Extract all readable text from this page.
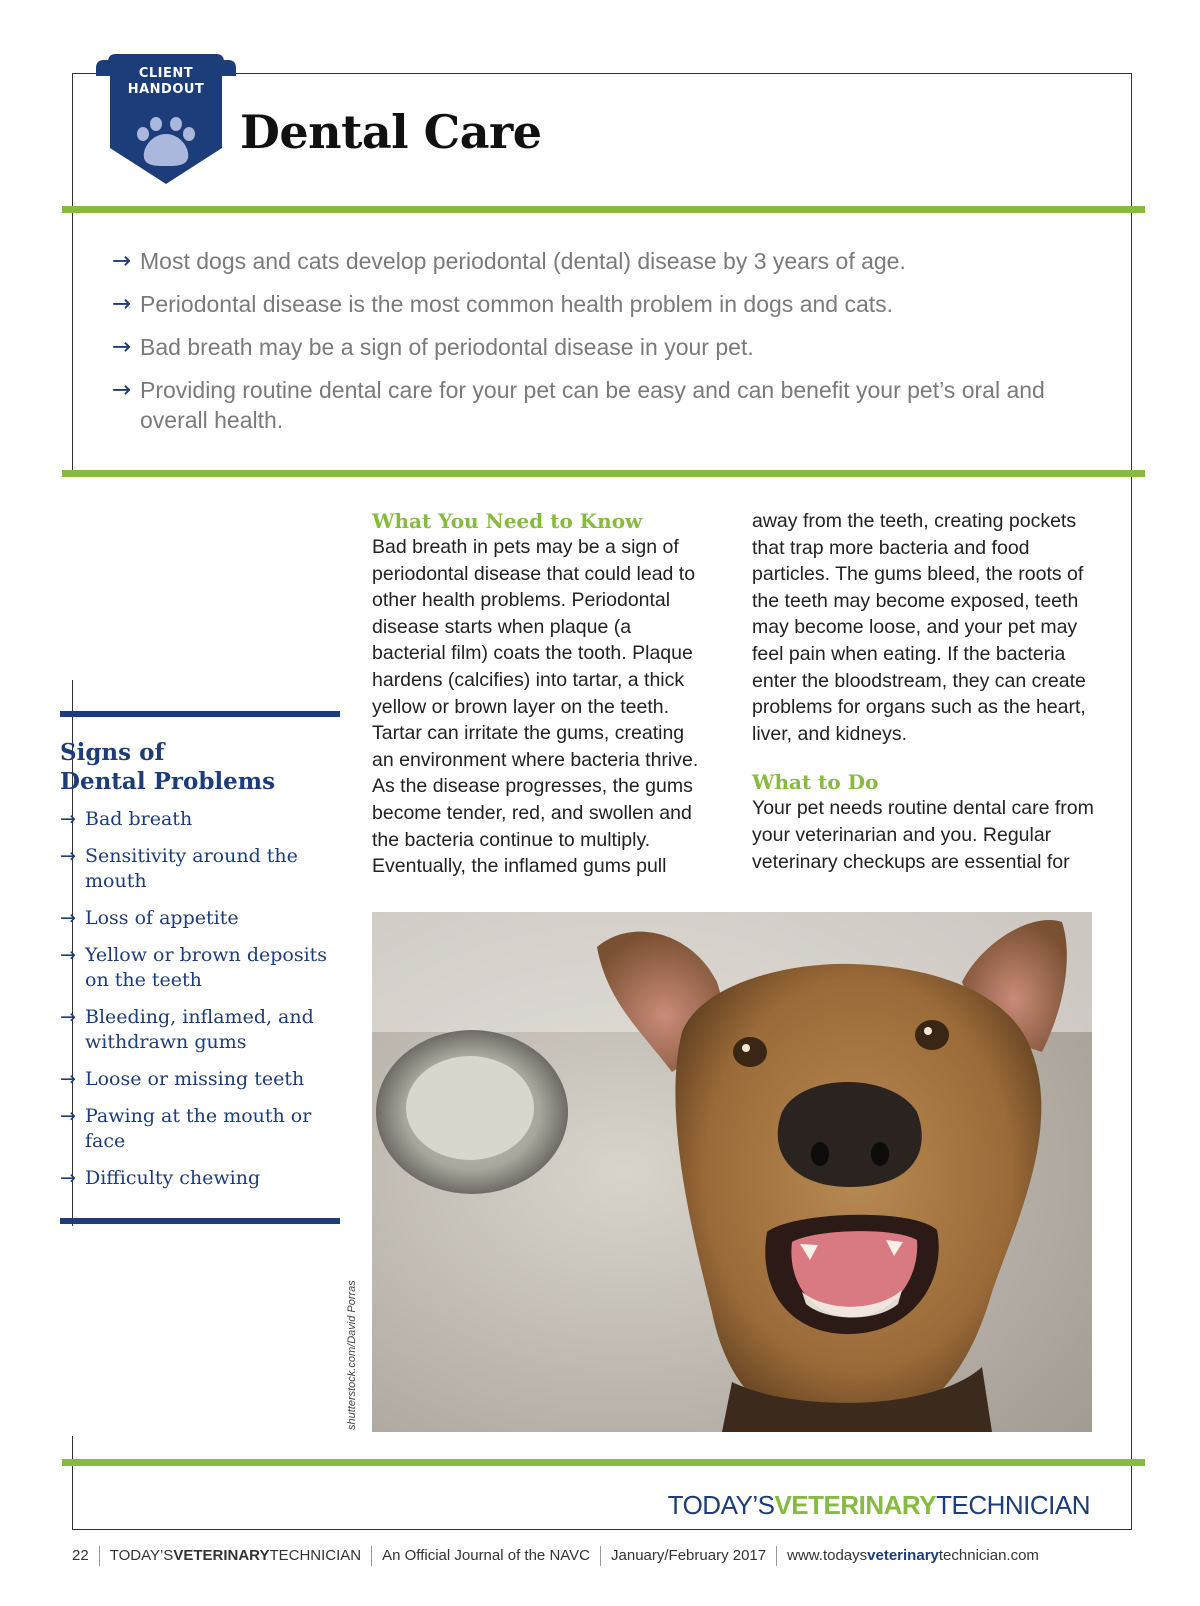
CLIENT
HANDOUT
Dental Care
→ Most dogs and cats develop periodontal (dental) disease by 3 years of age.
→ Periodontal disease is the most common health problem in dogs and cats.
→ Bad breath may be a sign of periodontal disease in your pet.
→ Providing routine dental care for your pet can be easy and can benefit your pet’s oral and overall health.
Signs of
Dental Problems
→ Bad breath
→ Sensitivity around the mouth
→ Loss of appetite
→ Yellow or brown deposits on the teeth
→ Bleeding, inflamed, and withdrawn gums
→ Loose or missing teeth
→ Pawing at the mouth or face
→ Difficulty chewing
What You Need to Know

Bad breath in pets may be a sign of periodontal disease that could lead to other health problems. Periodontal disease starts when plaque (a bacterial film) coats the tooth. Plaque hardens (calcifies) into tartar, a thick yellow or brown layer on the teeth. Tartar can irritate the gums, creating an environment where bacteria thrive. As the disease progresses, the gums become tender, red, and swollen and the bacteria continue to multiply. Eventually, the inflamed gums pull

away from the teeth, creating pockets that trap more bacteria and food particles. The gums bleed, the roots of the teeth may become exposed, teeth may become loose, and your pet may feel pain when eating. If the bacteria enter the bloodstream, they can create problems for organs such as the heart, liver, and kidneys.

What to Do

Your pet needs routine dental care from your veterinarian and you. Regular veterinary checkups are essential for

shutterstock.com/David Porras
TODAY’SVETERINARYTECHNICIAN
22 TODAY’SVETERINARYTECHNICIAN An Official Journal of the NAVC January/February 2017 www.todaysveterinarytechnician.com
